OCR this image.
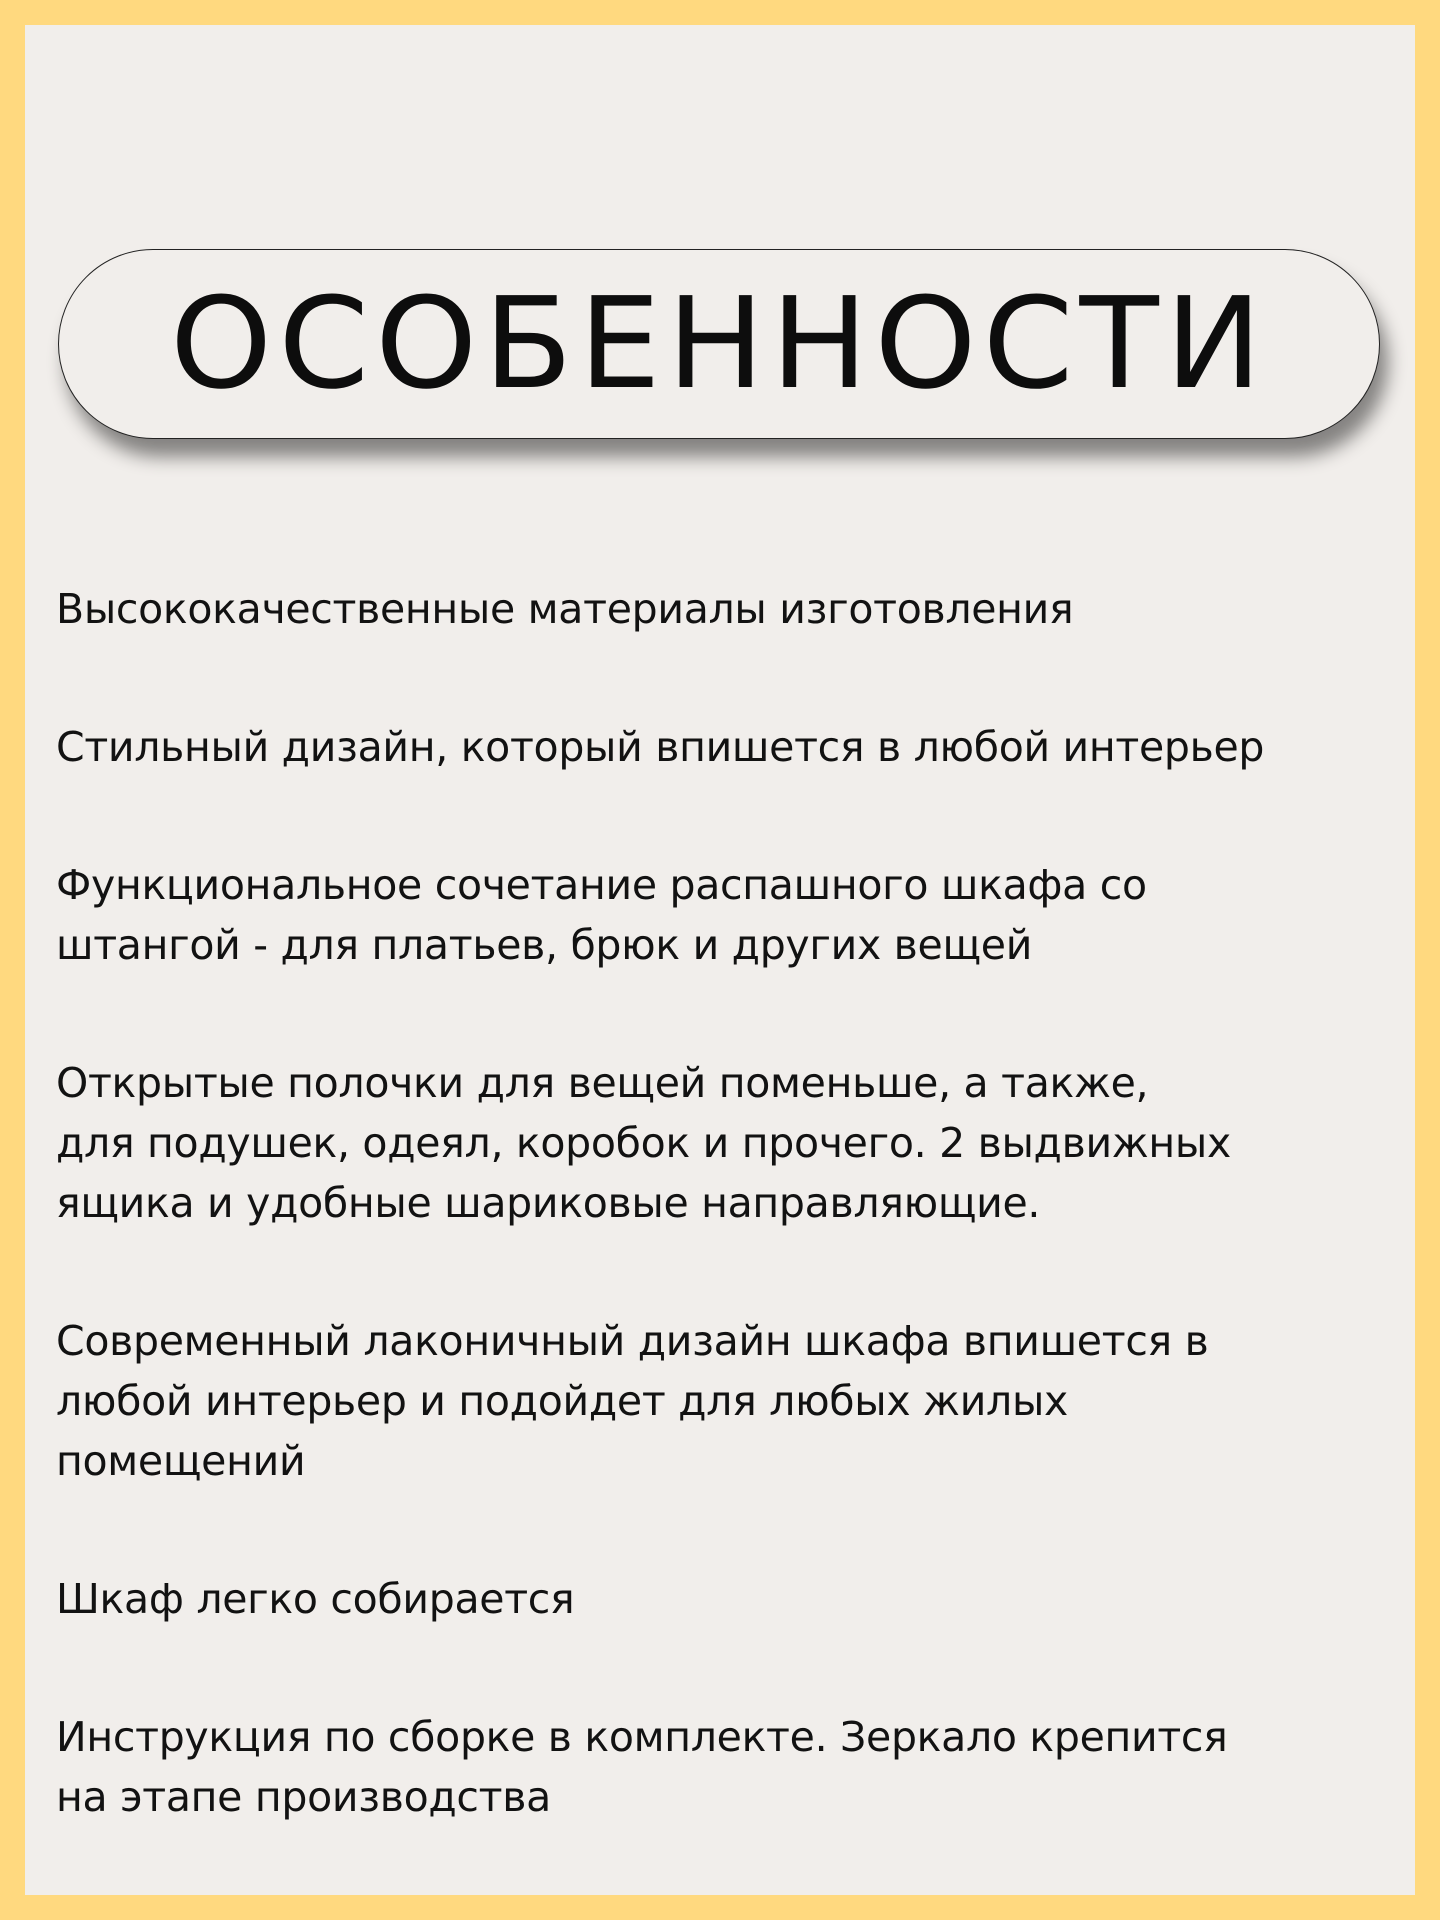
ОСОБЕННОСТИ
Высококачественные материалы изготовления
Стильный дизайн, который впишется в любой интерьер
Функциональное сочетание распашного шкафа со
штангой - для платьев, брюк и других вещей
Открытые полочки для вещей поменьше, а также,
для подушек, одеял, коробок и прочего. 2 выдвижных
ящика и удобные шариковые направляющие.
Современный лаконичный дизайн шкафа впишется в
любой интерьер и подойдет для любых жилых
помещений
Шкаф легко собирается
Инструкция по сборке в комплекте. Зеркало крепится
на этапе производства
